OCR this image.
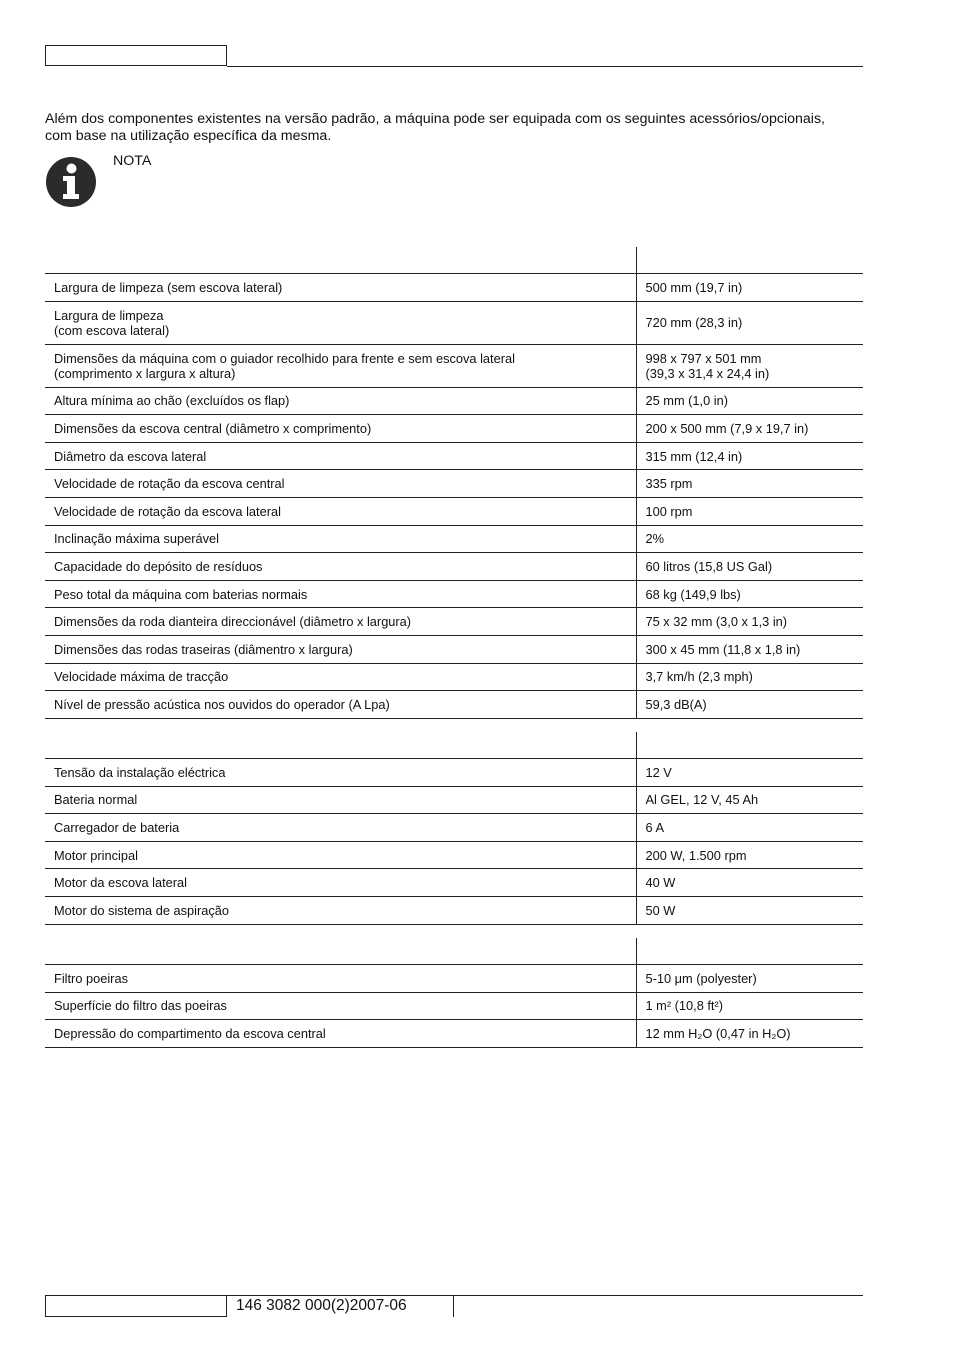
Além dos componentes existentes na versão padrão, a máquina pode ser equipada com os seguintes acessórios/opcionais, com base na utilização específica da mesma.
NOTA

Largura de limpeza (sem escova lateral)	500 mm (19,7 in)
Largura de limpeza
(com escova lateral)	720 mm (28,3 in)
Dimensões da máquina com o guiador recolhido para frente e sem escova lateral
(comprimento x largura x altura)	998 x 797 x 501 mm
(39,3 x 31,4 x 24,4 in)
Altura mínima ao chão (excluídos os flap)	25 mm (1,0 in)
Dimensões da escova central (diâmetro x comprimento)	200 x 500 mm (7,9 x 19,7 in)
Diâmetro da escova lateral	315 mm (12,4 in)
Velocidade de rotação da escova central	335 rpm
Velocidade de rotação da escova lateral	100 rpm
Inclinação máxima superável	2%
Capacidade do depósito de resíduos	60 litros (15,8 US Gal)
Peso total da máquina com baterias normais	68 kg (149,9 lbs)
Dimensões da roda dianteira direccionável (diâmetro x largura)	75 x 32 mm (3,0 x 1,3 in)
Dimensões das rodas traseiras (diâmentro x largura)	300 x 45 mm (11,8 x 1,8 in)
Velocidade máxima de tracção	3,7 km/h (2,3 mph)
Nível de pressão acústica nos ouvidos do operador (A Lpa)	59,3 dB(A)

Tensão da instalação eléctrica	12 V
Bateria normal	Al GEL, 12 V, 45 Ah
Carregador de bateria	6 A
Motor principal	200 W, 1.500 rpm
Motor da escova lateral	40 W
Motor do sistema de aspiração	50 W

Filtro poeiras	5-10 μm (polyester)
Superfície do filtro das poeiras	1 m² (10,8 ft²)
Depressão do compartimento da escova central	12 mm H₂O (0,47 in H₂O)
146 3082 000(2)2007-06
